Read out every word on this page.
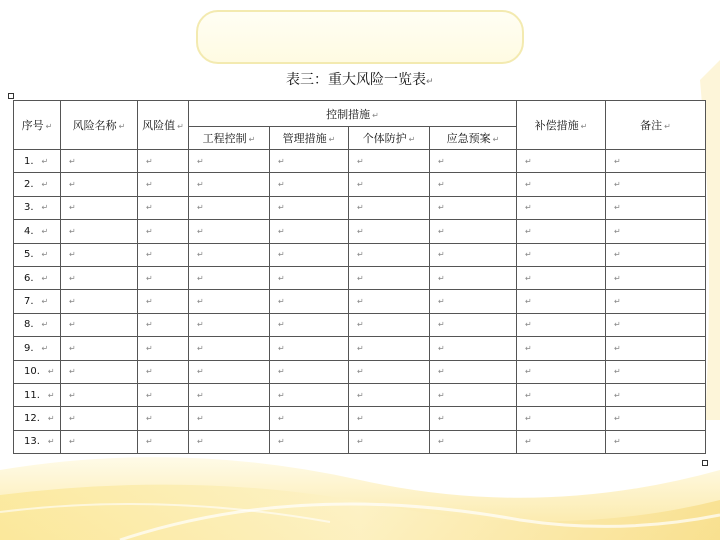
表三：重大风险一览表↵
序号 ↵	风险名称 ↵	风险值 ↵	控制措施 ↵				补偿措施 ↵	备注 ↵
			工程控制 ↵	管理措施 ↵	个体防护 ↵	应急预案 ↵		
1. ↵	↵	↵	↵	↵	↵	↵	↵	↵
2. ↵	↵	↵	↵	↵	↵	↵	↵	↵
3. ↵	↵	↵	↵	↵	↵	↵	↵	↵
4. ↵	↵	↵	↵	↵	↵	↵	↵	↵
5. ↵	↵	↵	↵	↵	↵	↵	↵	↵
6. ↵	↵	↵	↵	↵	↵	↵	↵	↵
7. ↵	↵	↵	↵	↵	↵	↵	↵	↵
8. ↵	↵	↵	↵	↵	↵	↵	↵	↵
9. ↵	↵	↵	↵	↵	↵	↵	↵	↵
10. ↵	↵	↵	↵	↵	↵	↵	↵	↵
11. ↵	↵	↵	↵	↵	↵	↵	↵	↵
12. ↵	↵	↵	↵	↵	↵	↵	↵	↵
13. ↵	↵	↵	↵	↵	↵	↵	↵	↵
